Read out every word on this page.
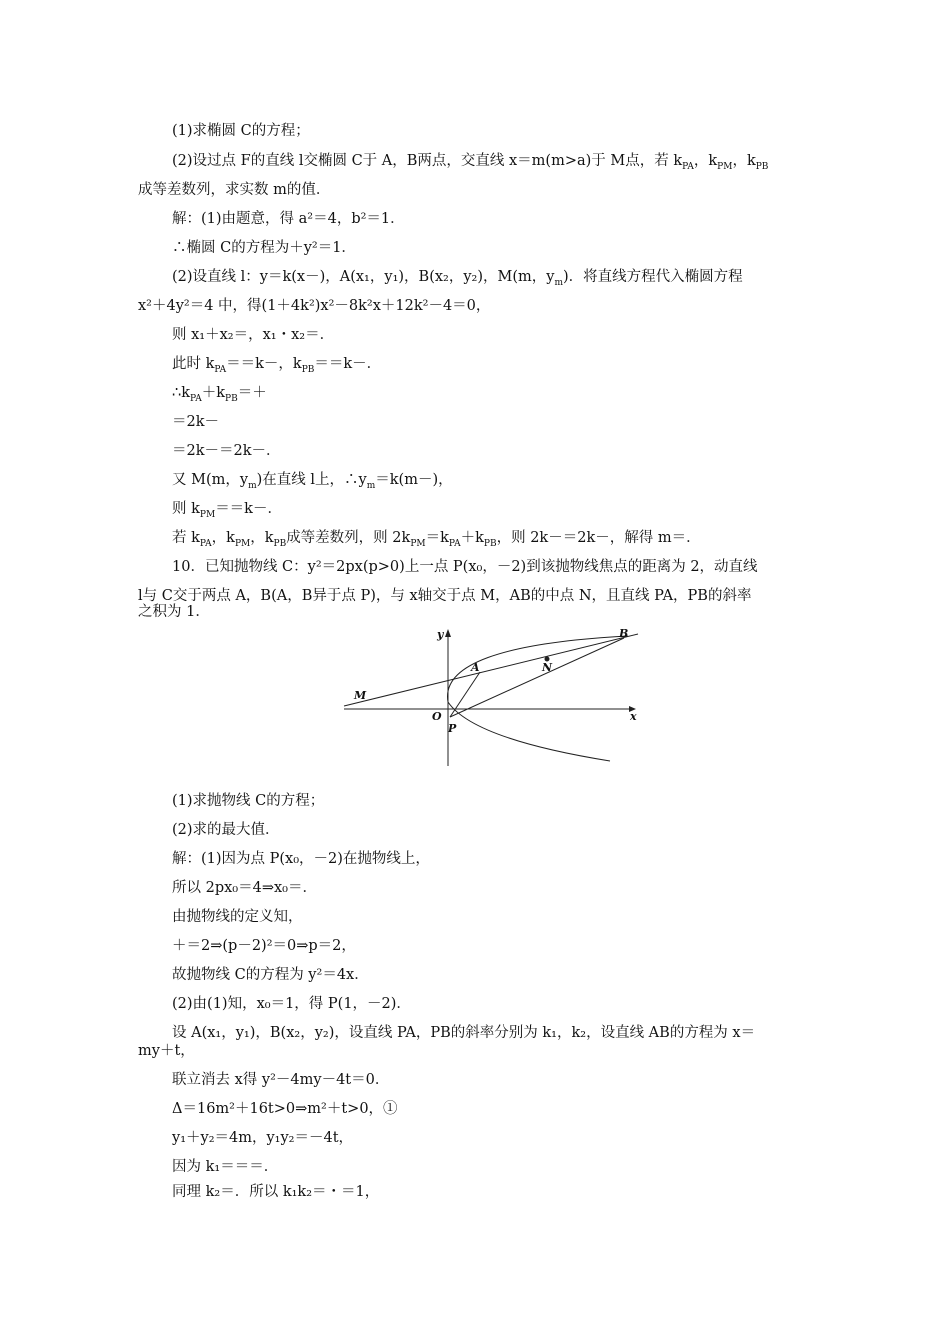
(1)求椭圆 C的方程；
(2)设过点 F的直线 l交椭圆 C于 A，B两点，交直线 x＝m(m>a)于 M点，若 $k_{PA}$，$k_{PM}$，$k_{PB}$
成等差数列，求实数 m的值．
解：(1)由题意，得 a²＝4，b²＝1．
∴椭圆 C的方程为＋y²＝1．
(2)设直线 l：y＝k(x－)，A(x₁，y₁)，B(x₂，y₂)，M(m，$y_m$)．将直线方程代入椭圆方程
x²＋4y²＝4 中，得(1＋4k²)x²－8k²x＋12k²－4＝0，
则 x₁＋x₂＝，x₁・x₂＝．
此时 $k_{PA}==k-$，$k_{PB}==k-$．
$\therefore k_{PA}+k_{PB}=+$
＝2k－
＝2k－＝2k－．
又 M(m，$y_m$)在直线 l上，$\therefore y_m=k(m-)$，
则 $k_{PM}==k-$．
若 $k_{PA}$，$k_{PM}$，$k_{PB}$成等差数列，则 $2k_{PM}=k_{PA}+k_{PB}$，则 2k－＝2k－，解得 m＝．
10．已知抛物线 C：y²＝2px(p>0)上一点 P(x₀，－2)到该抛物线焦点的距离为 2，动直线
l与 C交于两点 A，B(A，B异于点 P)，与 x轴交于点 M，AB的中点 N，且直线 PA，PB的斜率
之积为 1．
y
x
O
P
A
B
N
M
(1)求抛物线 C的方程；
(2)求的最大值．
解：(1)因为点 P(x₀，－2)在抛物线上，
所以 2px₀＝4⇒x₀＝．
由抛物线的定义知，
＋＝2⇒(p－2)²＝0⇒p＝2，
故抛物线 C的方程为 y²＝4x．
(2)由(1)知，x₀＝1，得 P(1，－2)．
设 A(x₁，y₁)，B(x₂，y₂)，设直线 PA，PB的斜率分别为 k₁，k₂，设直线 AB的方程为 x＝
my＋t，
联立消去 x得 y²－4my－4t＝0．
Δ＝16m²＋16t>0⇒m²＋t>0，①
y₁＋y₂＝4m，y₁y₂＝－4t，
因为 k₁＝＝＝．
同理 k₂＝．所以 k₁k₂＝・＝1，
